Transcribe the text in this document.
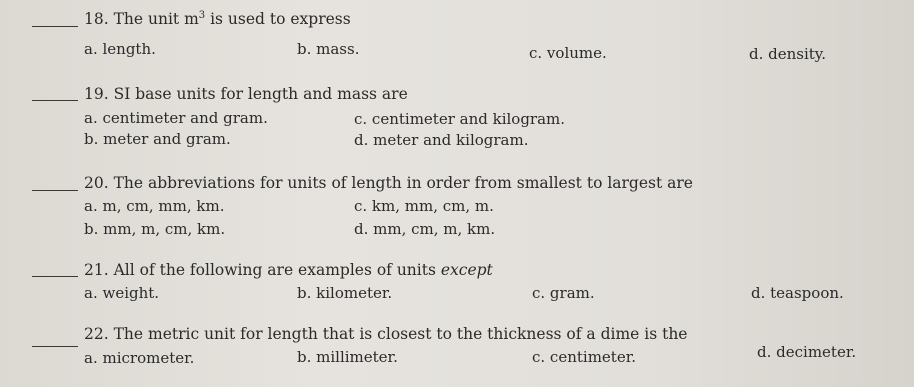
18. The unit $m^3$ is used to express
a. length.	b. mass.	c. volume.	d. density.
19. SI base units for length and mass are
a. centimeter and gram.	c. centimeter and kilogram.
b. meter and gram.	d. meter and kilogram.
20. The abbreviations for units of length in order from smallest to largest are
a. m, cm, mm, km.	c. km, mm, cm, m.
b. mm, m, cm, km.	d. mm, cm, m, km.
21. All of the following are examples of units except
a. weight.	b. kilometer.	c. gram.	d. teaspoon.
22. The metric unit for length that is closest to the thickness of a dime is the
a. micrometer.	b. millimeter.	c. centimeter.	d. decimeter.
